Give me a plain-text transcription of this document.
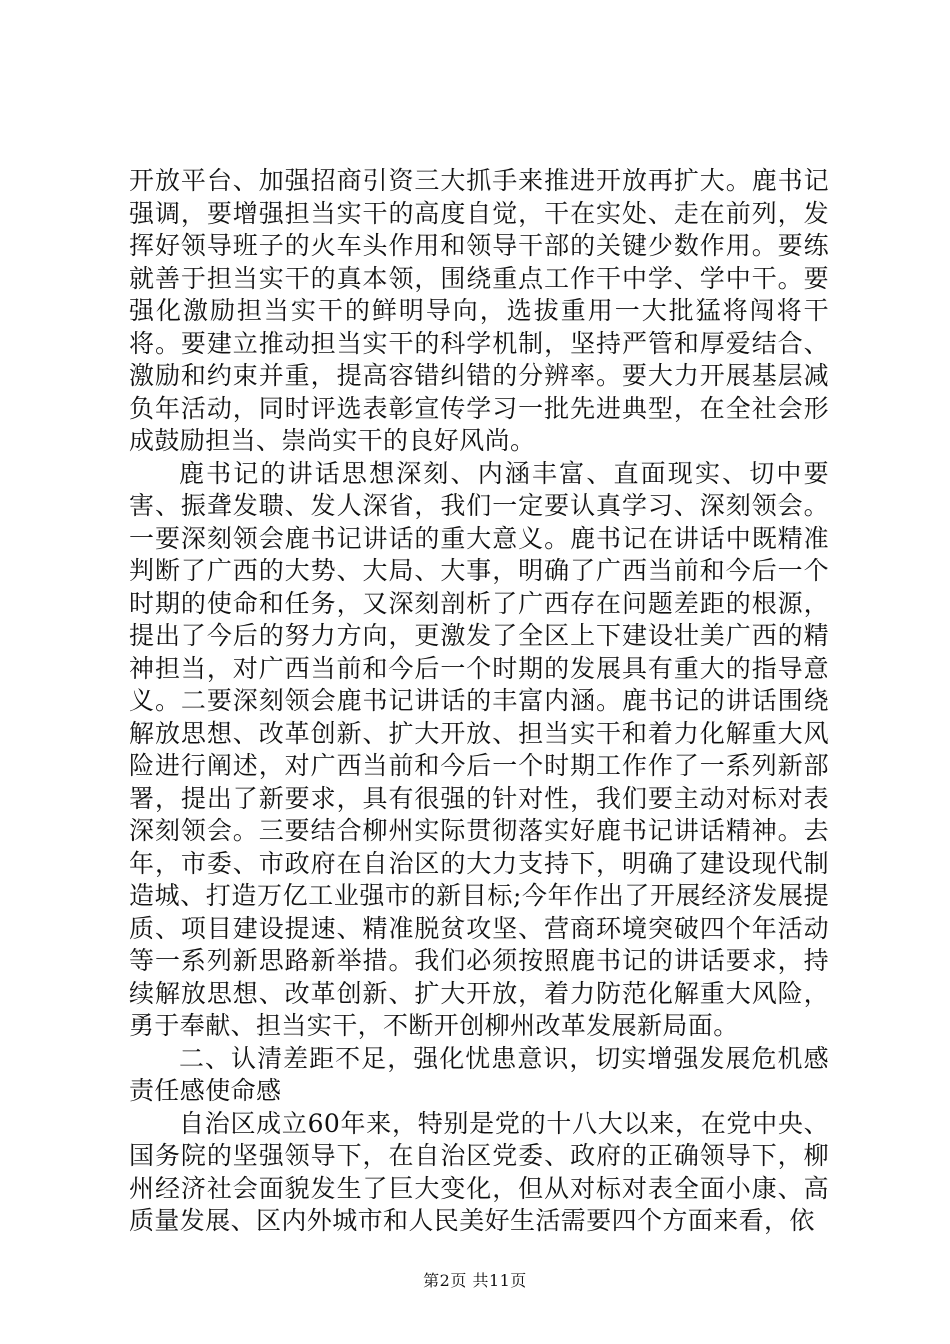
开放平台、加强招商引资三大抓手来推进开放再扩大。鹿书记强调，要增强担当实干的高度自觉，干在实处、走在前列，发挥好领导班子的火车头作用和领导干部的关键少数作用。要练就善于担当实干的真本领，围绕重点工作干中学、学中干。要强化激励担当实干的鲜明导向，选拔重用一大批猛将闯将干将。要建立推动担当实干的科学机制，坚持严管和厚爱结合、激励和约束并重，提高容错纠错的分辨率。要大力开展基层减负年活动，同时评选表彰宣传学习一批先进典型，在全社会形成鼓励担当、崇尚实干的良好风尚。

鹿书记的讲话思想深刻、内涵丰富、直面现实、切中要害、振聋发聩、发人深省，我们一定要认真学习、深刻领会。一要深刻领会鹿书记讲话的重大意义。鹿书记在讲话中既精准判断了广西的大势、大局、大事，明确了广西当前和今后一个时期的使命和任务，又深刻剖析了广西存在问题差距的根源，提出了今后的努力方向，更激发了全区上下建设壮美广西的精神担当，对广西当前和今后一个时期的发展具有重大的指导意义。二要深刻领会鹿书记讲话的丰富内涵。鹿书记的讲话围绕解放思想、改革创新、扩大开放、担当实干和着力化解重大风险进行阐述，对广西当前和今后一个时期工作作了一系列新部署，提出了新要求，具有很强的针对性，我们要主动对标对表深刻领会。三要结合柳州实际贯彻落实好鹿书记讲话精神。去年，市委、市政府在自治区的大力支持下，明确了建设现代制造城、打造万亿工业强市的新目标;今年作出了开展经济发展提质、项目建设提速、精准脱贫攻坚、营商环境突破四个年活动等一系列新思路新举措。我们必须按照鹿书记的讲话要求，持续解放思想、改革创新、扩大开放，着力防范化解重大风险，勇于奉献、担当实干，不断开创柳州改革发展新局面。

二、认清差距不足，强化忧患意识，切实增强发展危机感责任感使命感

自治区成立60年来，特别是党的十八大以来，在党中央、国务院的坚强领导下，在自治区党委、政府的正确领导下，柳州经济社会面貌发生了巨大变化，但从对标对表全面小康、高质量发展、区内外城市和人民美好生活需要四个方面来看，依

第2页 共11页
